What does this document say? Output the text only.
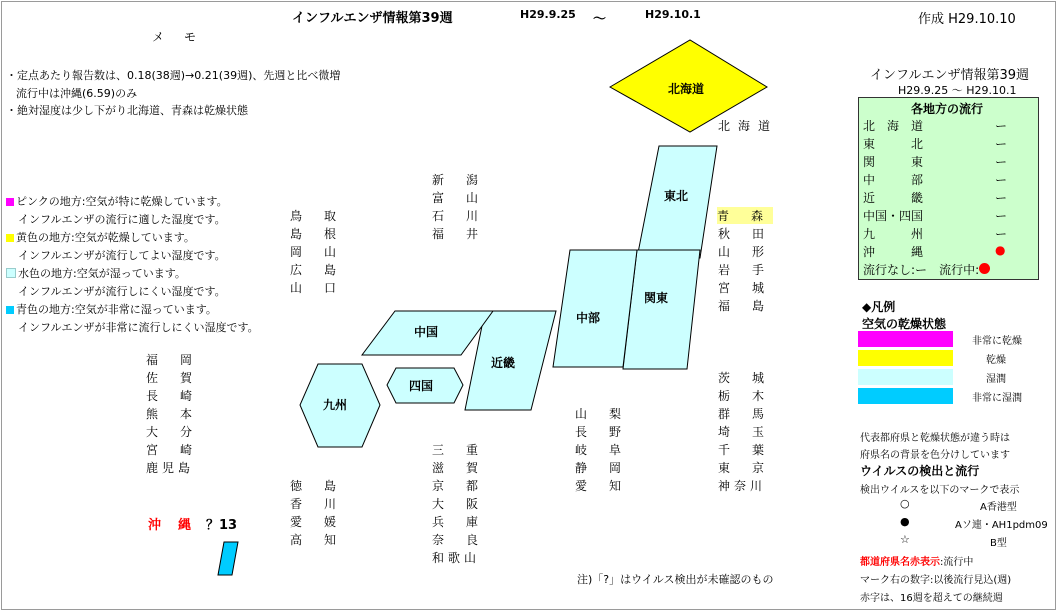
インフルエンザ情報第39週	H29.9.25 ～	H29.10.1	作成 H29.10.10
メ　モ
・定点あたり報告数は、0.18(38週)→0.21(39週)、先週と比べ微増
流行中は沖縄(6.59)のみ
・絶対湿度は少し下がり北海道、青森は乾燥状態
ピンクの地方:空気が特に乾燥しています。
インフルエンザの流行に適した湿度です。
黄色の地方:空気が乾燥しています。
インフルエンザが流行してよい湿度です。
水色の地方:空気が湿っています。
インフルエンザが流行しにくい湿度です。
青色の地方:空気が非常に湿っています。
インフルエンザが非常に流行しにくい湿度です。
北海道
東北
関東
中部
近畿
中国
四国
九州
北海道
青森
秋田
山形
岩手
宮城
福島
茨城
栃木
群馬
埼玉
千葉
東京
神奈川
新潟
富山
石川
福井
山梨
長野
岐阜
静岡
愛知
鳥取
島根
岡山
広島
山口
三重
滋賀
京都
大阪
兵庫
奈良
和歌山
徳島
香川
愛媛
高知
福岡
佐賀
長崎
熊本
大分
宮崎
鹿児島
沖　縄 ？13
注)「?」はウイルス検出が未確認のもの
インフルエンザ情報第39週
H29.9.25 ～ H29.10.1
各地方の流行
北　海　道	ー
東　　　北	ー
関　　　東	ー
中　　　部	ー
近　　　畿	ー
中国・四国	ー
九　　　州	ー
沖　　　縄	●
流行なし:ー　 流行中:
◆凡例
空気の乾燥状態
非常に乾燥
乾燥
湿潤
非常に湿潤
代表都府県と乾燥状態が違う時は
府県名の背景を色分けしています
ウイルスの検出と流行
検出ウイルスを以下のマークで表示
○	A香港型
●	Aソ連・AH1pdm09
☆	B型
都道府県名赤表示:流行中
マーク右の数字:以後流行見込(週)
赤字は、16週を超えての継続週
